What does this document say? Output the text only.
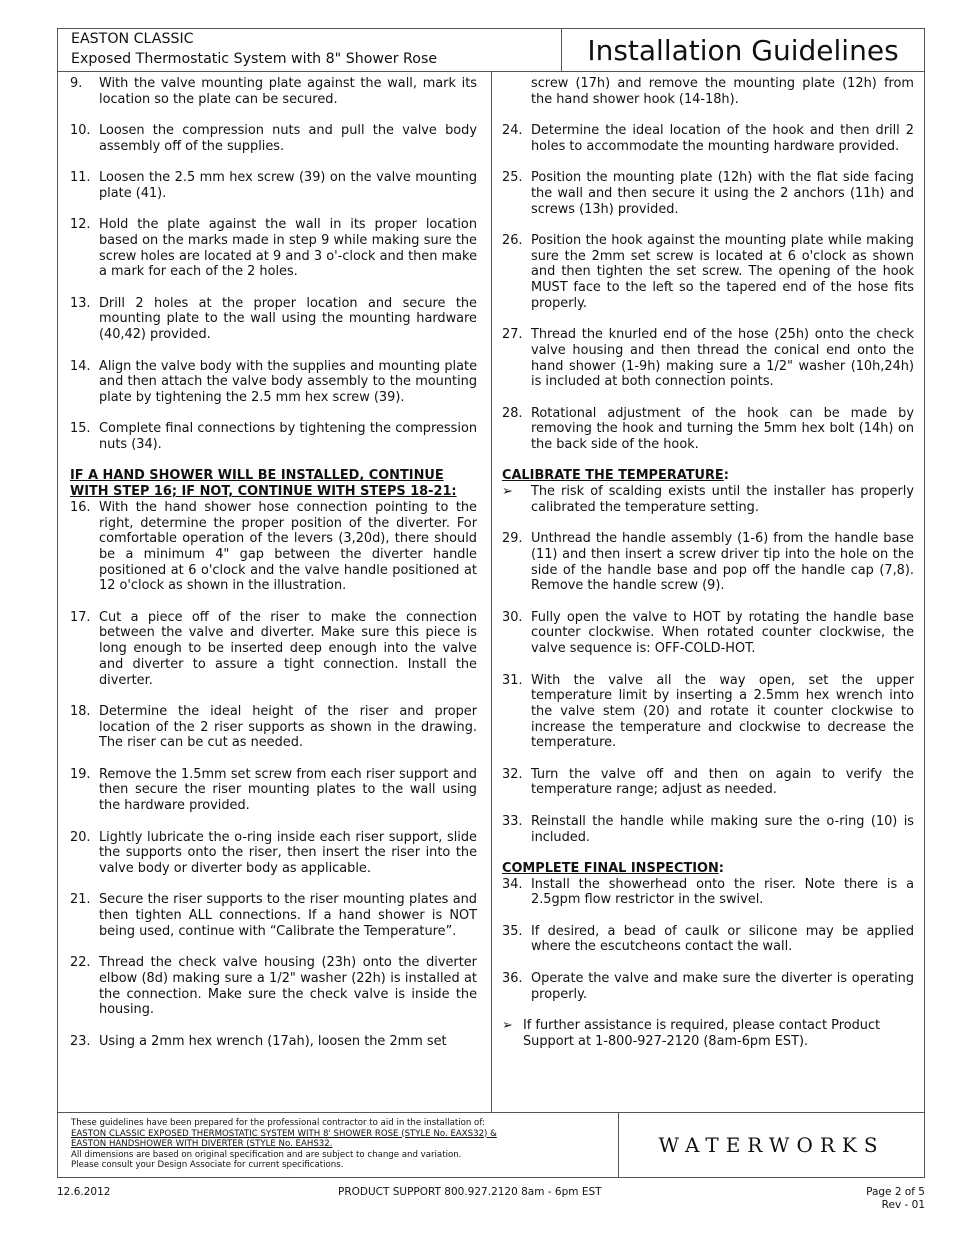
EASTON CLASSIC
Exposed Thermostatic System with 8" Shower Rose	Installation Guidelines
These guidelines have been prepared for the professional contractor to aid in the installation of:
EASTON CLASSIC EXPOSED THERMOSTATIC SYSTEM WITH 8' SHOWER ROSE (STYLE No. EAXS32) &
EASTON HANDSHOWER WITH DIVERTER (STYLE No. EAHS32.
All dimensions are based on original specification and are subject to change and variation.
Please consult your Design Associate for current specifications.
WATERWORKS
9.	With the valve mounting plate against the wall, mark its location so the plate can be secured.
10. Loosen the compression nuts and pull the valve body assembly off of the supplies.
11. Loosen the 2.5 mm hex screw (39) on the valve mounting plate (41).
12. Hold the plate against the wall in its proper location based on the marks made in step 9 while making sure the screw holes are located at 9 and 3 o'-clock and then make a mark for each of the 2 holes.
13. Drill 2 holes at the proper location and secure the mounting plate to the wall using the mounting hardware (40,42) provided.
14. Align the valve body with the supplies and mounting plate and then attach the valve body assembly to the mounting plate by tightening the 2.5 mm hex screw (39).
15. Complete final connections by tightening the compression nuts (34).
IF A HAND SHOWER WILL BE INSTALLED, CONTINUE WITH STEP 16; IF NOT, CONTINUE WITH STEPS 18-21:
16. With the hand shower hose connection pointing to the right, determine the proper position of the diverter. For comfortable operation of the levers (3,20d), there should be a minimum 4" gap between the diverter handle positioned at 6 o'clock and the valve handle positioned at 12 o'clock as shown in the illustration.
17. Cut a piece off of the riser to make the connection between the valve and diverter. Make sure this piece is long enough to be inserted deep enough into the valve and diverter to assure a tight connection. Install the diverter.
18. Determine the ideal height of the riser and proper location of the 2 riser supports as shown in the drawing. The riser can be cut as needed.
19. Remove the 1.5mm set screw from each riser support and then secure the riser mounting plates to the wall using the hardware provided.
20. Lightly lubricate the o-ring inside each riser support, slide the supports onto the riser, then insert the riser into the valve body or diverter body as applicable.
21. Secure the riser supports to the riser mounting plates and then tighten ALL connections. If a hand shower is NOT being used, continue with “Calibrate the Temperature”.
22. Thread the check valve housing (23h) onto the diverter elbow (8d) making sure a 1/2" washer (22h) is installed at the connection. Make sure the check valve is inside the housing.
23. Using a 2mm hex wrench (17ah), loosen the 2mm set
screw (17h) and remove the mounting plate (12h) from the hand shower hook (14-18h).
24. Determine the ideal location of the hook and then drill 2 holes to accommodate the mounting hardware provided.
25. Position the mounting plate (12h) with the flat side facing the wall and then secure it using the 2 anchors (11h) and screws (13h) provided.
26. Position the hook against the mounting plate while making sure the 2mm set screw is located at 6 o'clock as shown and then tighten the set screw. The opening of the hook MUST face to the left so the tapered end of the hose fits properly.
27. Thread the knurled end of the hose (25h) onto the check valve housing and then thread the conical end onto the hand shower (1-9h) making sure a 1/2" washer (10h,24h) is included at both connection points.
28. Rotational adjustment of the hook can be made by removing the hook and turning the 5mm hex bolt (14h) on the back side of the hook.
CALIBRATE THE TEMPERATURE:
➢	The risk of scalding exists until the installer has properly calibrated the temperature setting.
29. Unthread the handle assembly (1-6) from the handle base (11) and then insert a screw driver tip into the hole on the side of the handle base and pop off the handle cap (7,8). Remove the handle screw (9).
30. Fully open the valve to HOT by rotating the handle base counter clockwise. When rotated counter clockwise, the valve sequence is: OFF-COLD-HOT.
31. With the valve all the way open, set the upper temperature limit by inserting a 2.5mm hex wrench into the valve stem (20) and rotate it counter clockwise to increase the temperature and clockwise to decrease the temperature.
32. Turn the valve off and then on again to verify the temperature range; adjust as needed.
33. Reinstall the handle while making sure the o-ring (10) is included.
COMPLETE FINAL INSPECTION:
34. Install the showerhead onto the riser. Note there is a 2.5gpm flow restrictor in the swivel.
35. If desired, a bead of caulk or silicone may be applied where the escutcheons contact the wall.
36. Operate the valve and make sure the diverter is operating properly.
➢ If further assistance is required, please contact Product Support at 1-800-927-2120 (8am-6pm EST).
12.6.2012	PRODUCT SUPPORT 800.927.2120 8am - 6pm EST	Page 2 of 5
Rev - 01
